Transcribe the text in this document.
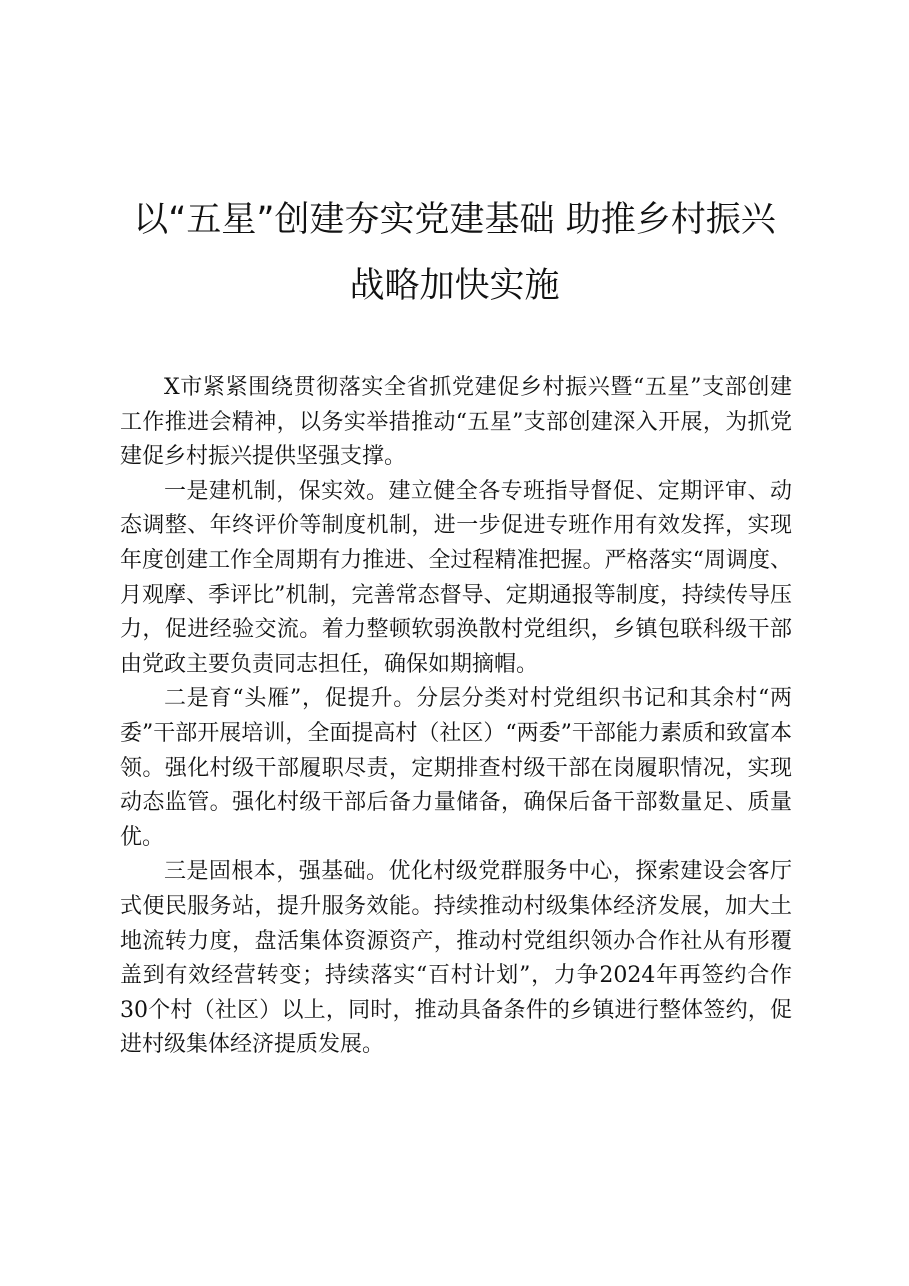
以“五星”创建夯实党建基础 助推乡村振兴
战略加快实施

X市紧紧围绕贯彻落实全省抓党建促乡村振兴暨“五星”支部创建工作推进会精神，以务实举措推动“五星”支部创建深入开展，为抓党建促乡村振兴提供坚强支撑。

一是建机制，保实效。建立健全各专班指导督促、定期评审、动态调整、年终评价等制度机制，进一步促进专班作用有效发挥，实现年度创建工作全周期有力推进、全过程精准把握。严格落实“周调度、月观摩、季评比”机制，完善常态督导、定期通报等制度，持续传导压力，促进经验交流。着力整顿软弱涣散村党组织，乡镇包联科级干部由党政主要负责同志担任，确保如期摘帽。

二是育“头雁”，促提升。分层分类对村党组织书记和其余村“两委”干部开展培训，全面提高村（社区）“两委”干部能力素质和致富本领。强化村级干部履职尽责，定期排查村级干部在岗履职情况，实现动态监管。强化村级干部后备力量储备，确保后备干部数量足、质量优。

三是固根本，强基础。优化村级党群服务中心，探索建设会客厅式便民服务站，提升服务效能。持续推动村级集体经济发展，加大土地流转力度，盘活集体资源资产，推动村党组织领办合作社从有形覆盖到有效经营转变；持续落实“百村计划”，力争2024年再签约合作30个村（社区）以上，同时，推动具备条件的乡镇进行整体签约，促进村级集体经济提质发展。
